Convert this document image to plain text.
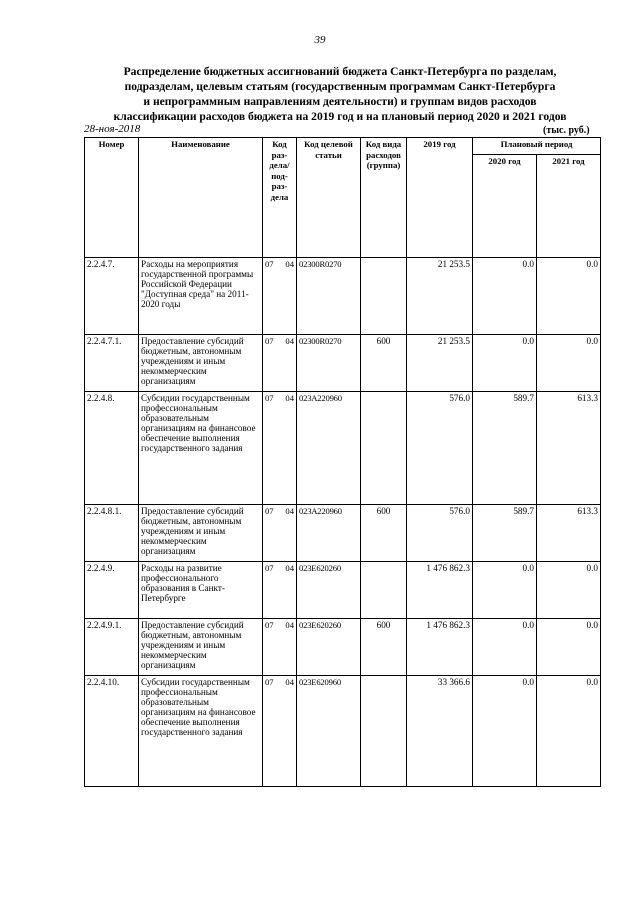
39
Распределение бюджетных ассигнований бюджета Санкт-Петербурга по разделам,
подразделам, целевым статьям (государственным программам Санкт-Петербурга
и непрограммным направлениям деятельности) и группам видов расходов
классификации расходов бюджета на 2019 год и на плановый период 2020 и 2021 годов
28-ноя-2018	(тыс. руб.)
Номер	Наименование	Код раз- дела/ под- раз- дела	Код целевой статьи	Код вида расходов (группа)	2019 год	Плановый период	
						2020 год	2021 год
2.2.4.7.	Расходы на мероприятия государственной программы Российской Федерации "Доступная среда" на 2011-2020 годы	07 04	02300R0270		21 253.5	0.0	0.0
2.2.4.7.1.	Предоставление субсидий бюджетным, автономным учреждениям и иным некоммерческим организациям	07 04	02300R0270	600	21 253.5	0.0	0.0
2.2.4.8.	Субсидии государственным профессиональным образовательным организациям на финансовое обеспечение выполнения государственного задания	07 04	023A220960		576.0	589.7	613.3
2.2.4.8.1.	Предоставление субсидий бюджетным, автономным учреждениям и иным некоммерческим организациям	07 04	023A220960	600	576.0	589.7	613.3
2.2.4.9.	Расходы на развитие профессионального образования в Санкт-Петербурге	07 04	023E620260		1 476 862.3	0.0	0.0
2.2.4.9.1.	Предоставление субсидий бюджетным, автономным учреждениям и иным некоммерческим организациям	07 04	023E620260	600	1 476 862.3	0.0	0.0
2.2.4.10.	Субсидии государственным профессиональным образовательным организациям на финансовое обеспечение выполнения государственного задания	07 04	023E620960		33 366.6	0.0	0.0
